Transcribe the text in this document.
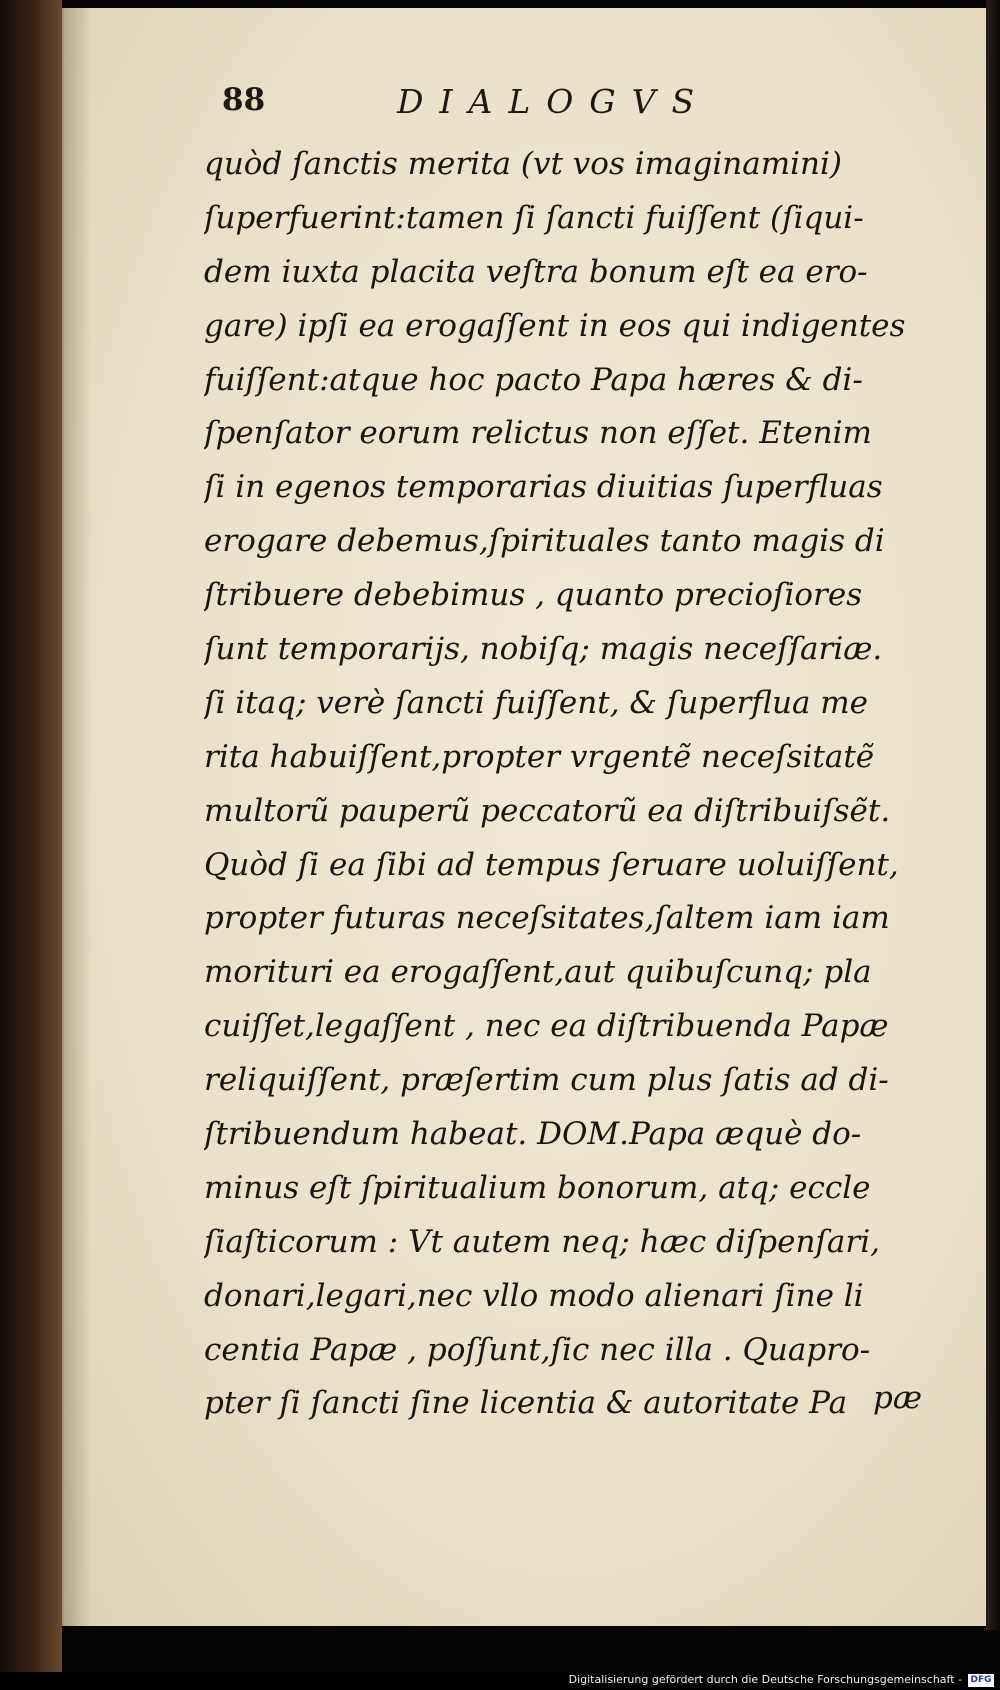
88	DIALOGVS
quòd ſanctis merita (vt vos imaginamini)
ſuperfuerint:tamen ſi ſancti fuiſſent (ſiqui-
dem iuxta placita veſtra bonum eſt ea ero-
gare) ipſi ea erogaſſent in eos qui indigentes
fuiſſent:atque hoc pacto Papa hæres & di-
ſpenſator eorum relictus non eſſet. Etenim
ſi in egenos temporarias diuitias ſuperfluas
erogare debemus,ſpirituales tanto magis di
ſtribuere debebimus , quanto precioſiores
ſunt temporarijs, nobiſq; magis neceſſariæ.
ſi itaq; verè ſancti fuiſſent, & ſuperflua me
rita habuiſſent,propter vrgentẽ neceſsitatẽ
multorũ pauperũ peccatorũ ea diſtribuiſsẽt.
Quòd ſi ea ſibi ad tempus ſeruare uoluiſſent,
propter futuras neceſsitates,ſaltem iam iam
morituri ea erogaſſent,aut quibuſcunq; pla
cuiſſet,legaſſent , nec ea diſtribuenda Papæ
reliquiſſent, præſertim cum plus ſatis ad di-
ſtribuendum habeat. DOM.Papa æquè do-
minus eſt ſpiritualium bonorum, atq; eccle
ſiaſticorum : Vt autem neq; hæc diſpenſari,
donari,legari,nec vllo modo alienari ſine li
centia Papæ , poſſunt,ſic nec illa . Quapro-
pter ſi ſancti ſine licentia & autoritate Pa pæ
Digitalisierung gefördert durch die Deutsche Forschungsgemeinschaft - DFG
